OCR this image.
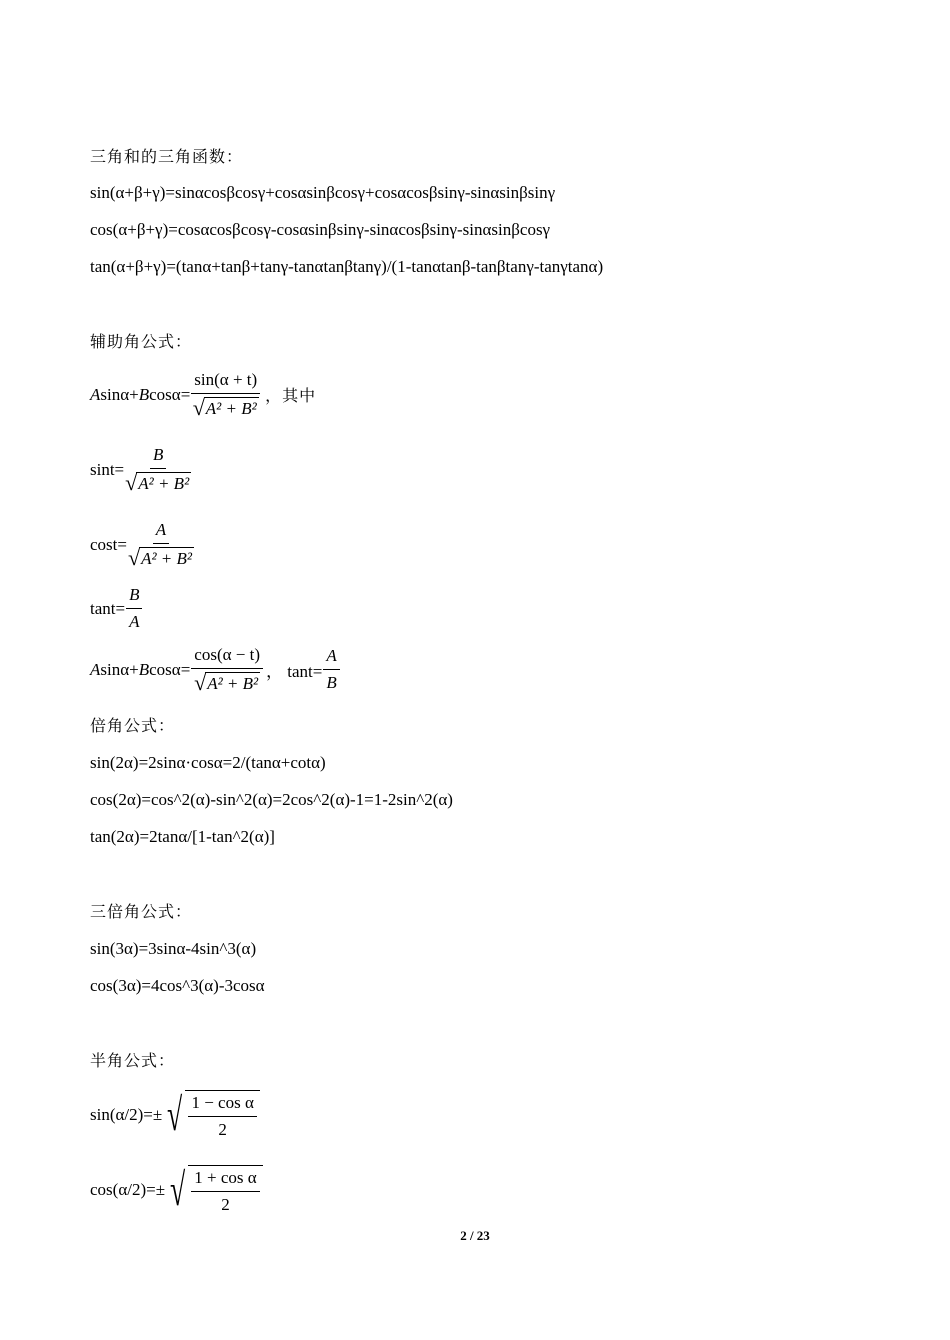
三角和的三角函数：
sin(α+β+γ)=sinαcosβcosγ+cosαsinβcosγ+cosαcosβsinγ-sinαsinβsinγ
cos(α+β+γ)=cosαcosβcosγ-cosαsinβsinγ-sinαcosβsinγ-sinαsinβcosγ
tan(α+β+γ)=(tanα+tanβ+tanγ-tanαtanβtanγ)/(1-tanαtanβ-tanβtanγ-tanγtanα)
辅助角公式：
A sinα+ B $\cos\alpha= \frac{\sin(\alpha + t)}{\text{√ A² + B²}}$ ，其中
$\sin t= \frac{B}{\text{√ A² + B²}}$
$\cos t= \frac{A}{\text{√ A² + B²}}$
$\tan t= \frac{B}{A}$
A sinα+ B $\cos\alpha= \frac{\cos(\alpha - t)}{\text{√ A² + B²}}$ ， $\tan t= \frac{A}{B}$
倍角公式：
sin(2α)=2sinα·cosα=2/(tanα+cotα)
cos(2α)=cos^2(α)-sin^2(α)=2cos^2(α)-1=1-2sin^2(α)
tan(2α)=2tanα/[1-tan^2(α)]
三倍角公式：
sin(3α)=3sinα-4sin^3(α)
cos(3α)=4cos^3(α)-3cosα
半角公式：
sin(α/2)=± √ $\frac{\text{1 − cos α}}{2}$
cos(α/2)=± √ $\frac{\text{1 + cos α}}{2}$
2 / 23
